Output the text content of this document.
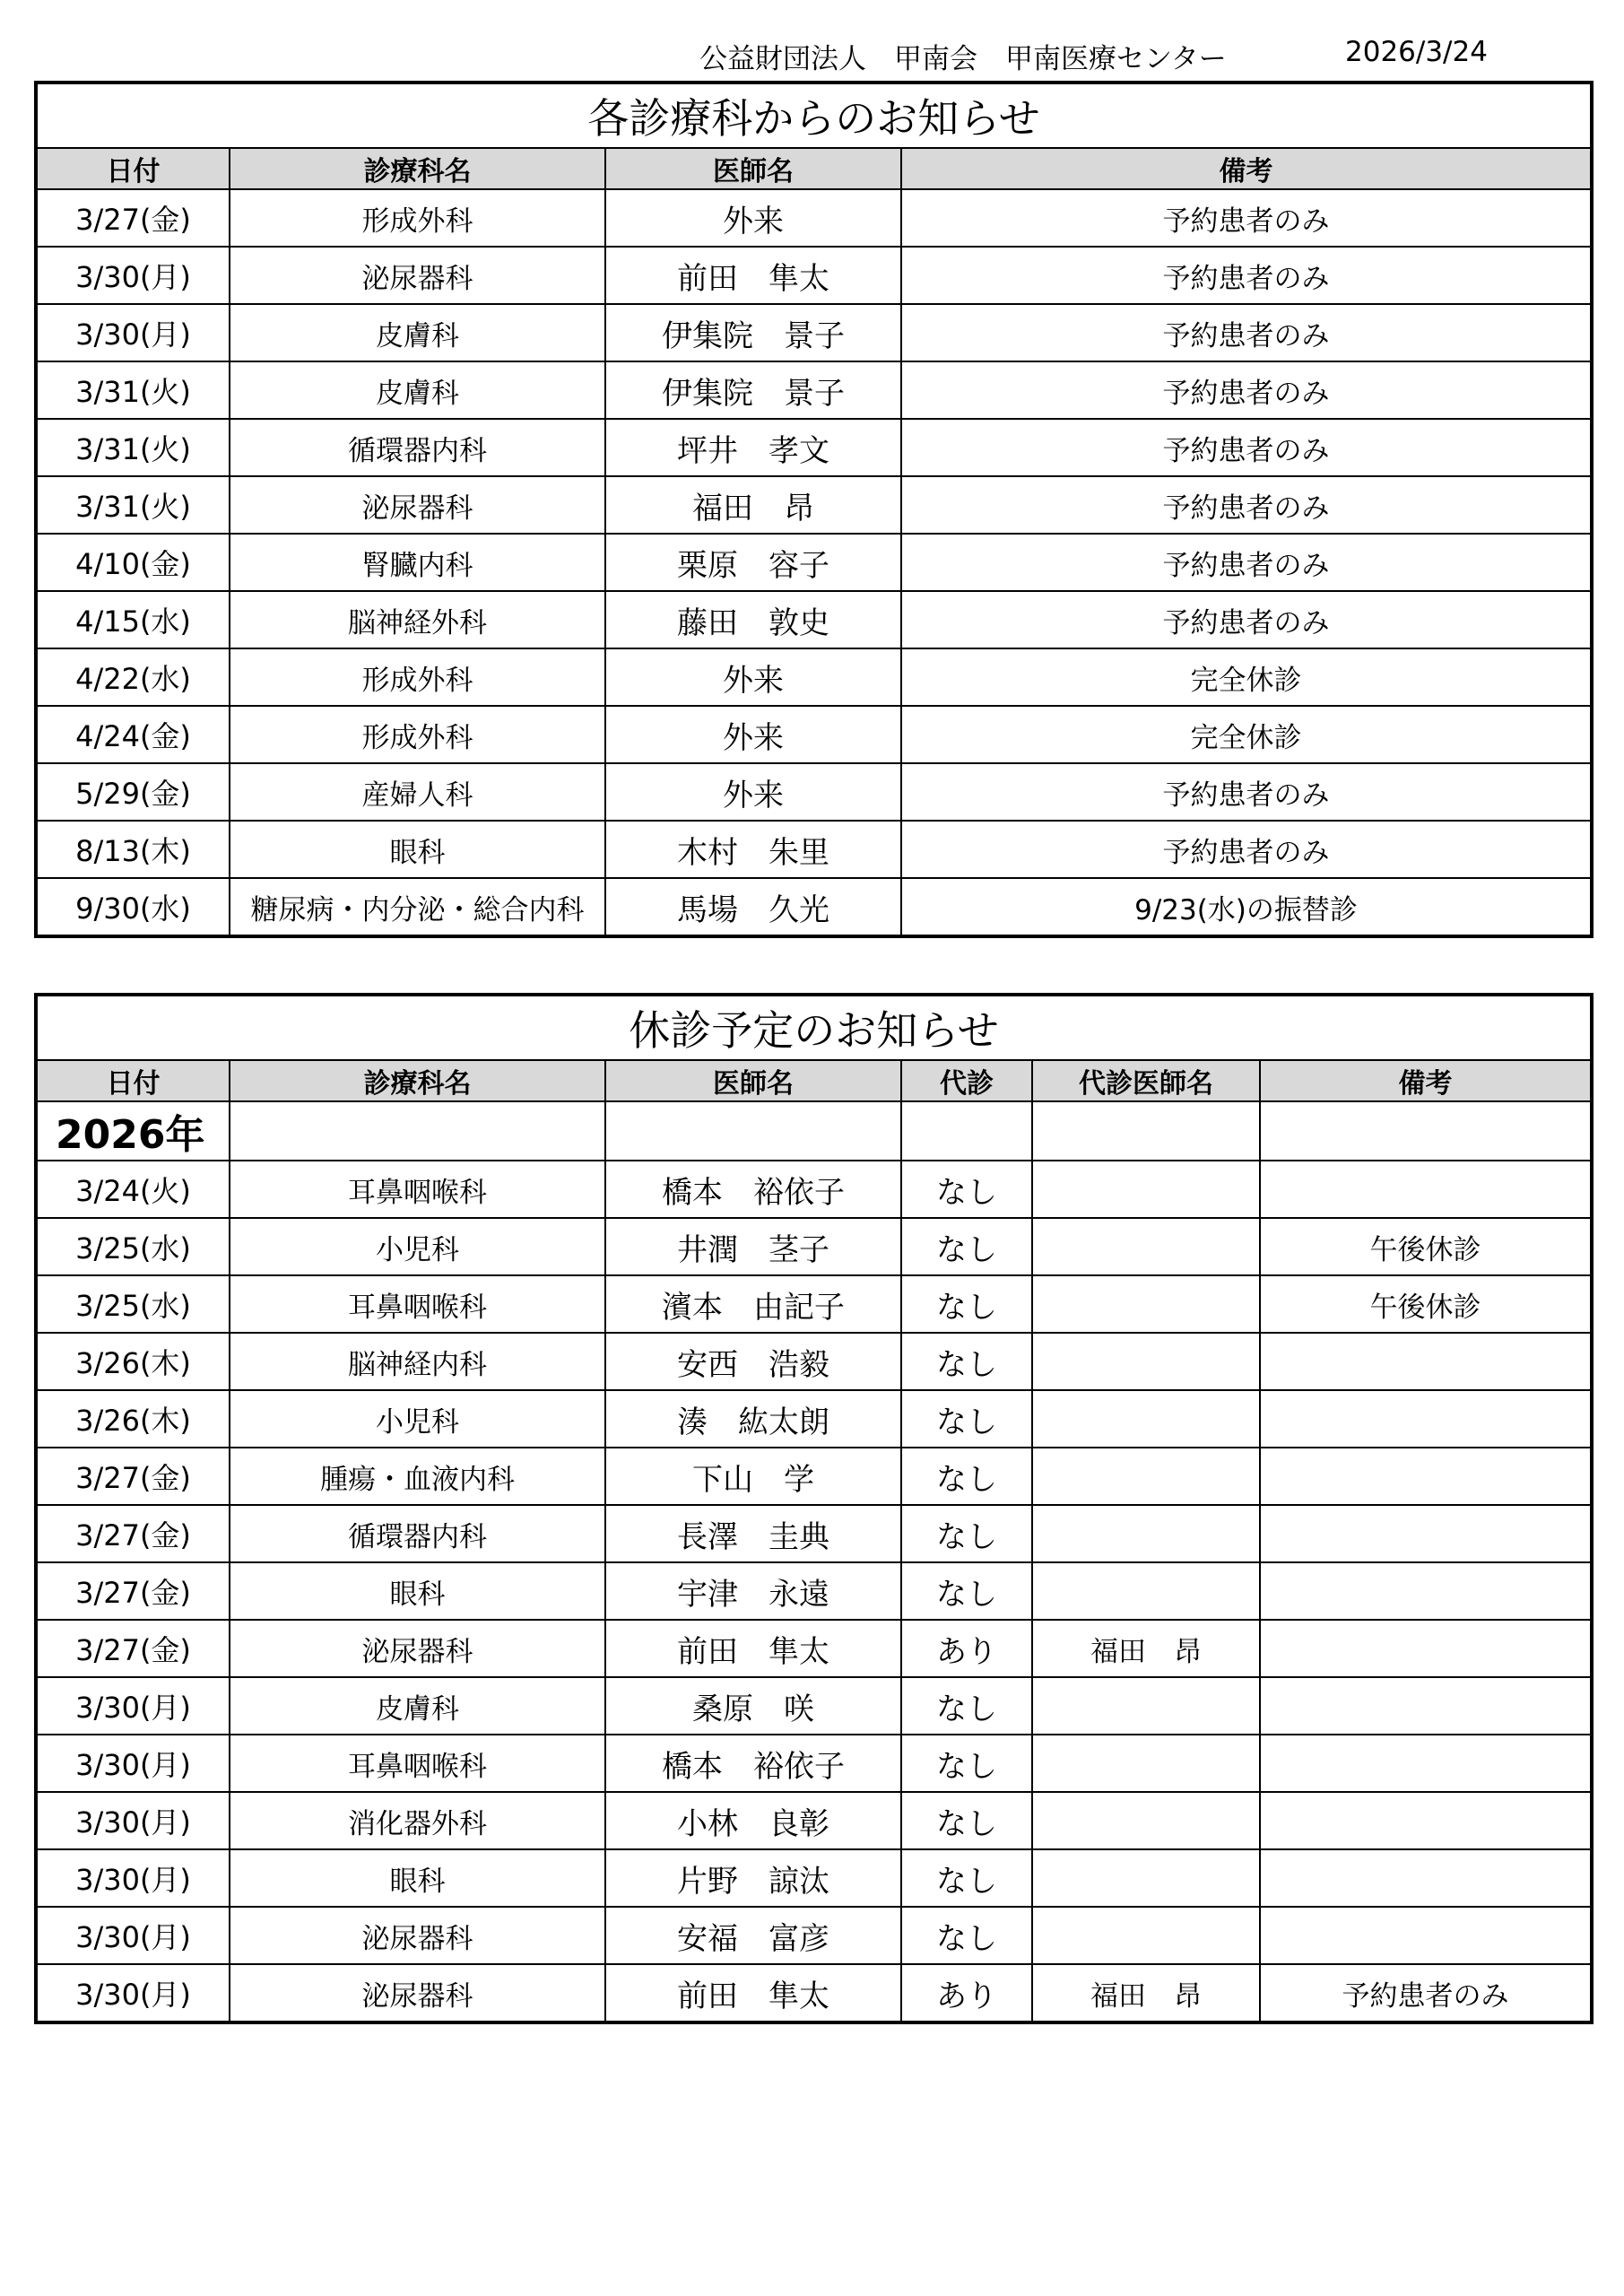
公益財団法人　甲南会　甲南医療センター	2026/3/24
各診療科からのお知らせ			
日付	診療科名	医師名	備考
3/27(金)	形成外科	外来	予約患者のみ
3/30(月)	泌尿器科	前田　隼太	予約患者のみ
3/30(月)	皮膚科	伊集院　景子	予約患者のみ
3/31(火)	皮膚科	伊集院　景子	予約患者のみ
3/31(火)	循環器内科	坪井　孝文	予約患者のみ
3/31(火)	泌尿器科	福田　昂	予約患者のみ
4/10(金)	腎臓内科	栗原　容子	予約患者のみ
4/15(水)	脳神経外科	藤田　敦史	予約患者のみ
4/22(水)	形成外科	外来	完全休診
4/24(金)	形成外科	外来	完全休診
5/29(金)	産婦人科	外来	予約患者のみ
8/13(木)	眼科	木村　朱里	予約患者のみ
9/30(水)	糖尿病・内分泌・総合内科	馬場　久光	9/23(水)の振替診
休診予定のお知らせ					
日付	診療科名	医師名	代診	代診医師名	備考
2026年					
3/24(火)	耳鼻咽喉科	橋本　裕依子	なし		
3/25(水)	小児科	井潤　茎子	なし		午後休診
3/25(水)	耳鼻咽喉科	濱本　由記子	なし		午後休診
3/26(木)	脳神経内科	安西　浩毅	なし		
3/26(木)	小児科	湊　紘太朗	なし		
3/27(金)	腫瘍・血液内科	下山　学	なし		
3/27(金)	循環器内科	長澤　圭典	なし		
3/27(金)	眼科	宇津　永遠	なし		
3/27(金)	泌尿器科	前田　隼太	あり	福田　昂	
3/30(月)	皮膚科	桑原　咲	なし		
3/30(月)	耳鼻咽喉科	橋本　裕依子	なし		
3/30(月)	消化器外科	小林　良彰	なし		
3/30(月)	眼科	片野　諒汰	なし		
3/30(月)	泌尿器科	安福　富彦	なし		
3/30(月)	泌尿器科	前田　隼太	あり	福田　昂	予約患者のみ
